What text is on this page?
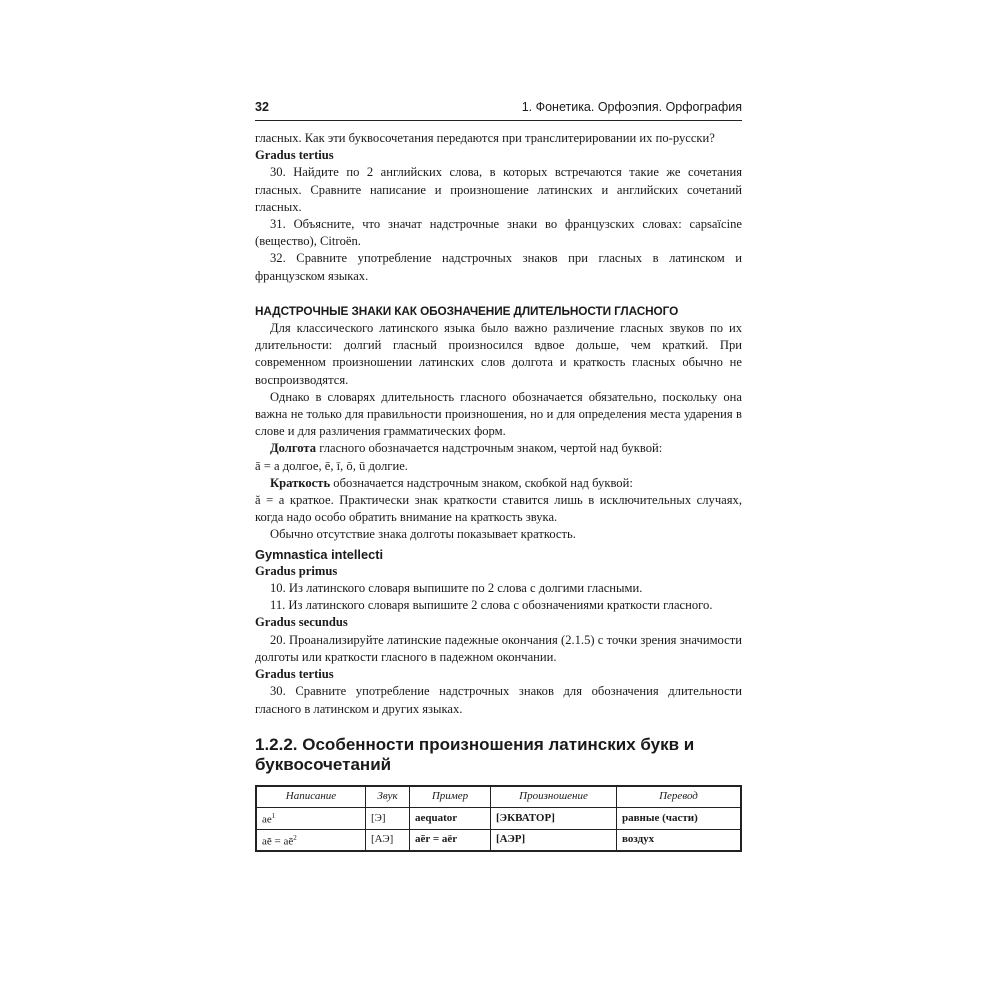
32	1. Фонетика. Орфоэпия. Орфография

гласных. Как эти буквосочетания передаются при транслитерировании их по-русски?

Gradus tertius

30. Найдите по 2 английских слова, в которых встречаются такие же сочетания гласных. Сравните написание и произношение латинских и английских сочетаний гласных.

31. Объясните, что значат надстрочные знаки во французских словах: capsaïcine (вещество), Citroën.

32. Сравните употребление надстрочных знаков при гласных в латинском и французском языках.

НАДСТРОЧНЫЕ ЗНАКИ КАК ОБОЗНАЧЕНИЕ ДЛИТЕЛЬНОСТИ ГЛАСНОГО

Для классического латинского языка было важно различение гласных звуков по их длительности: долгий гласный произносился вдвое дольше, чем краткий. При современном произношении латинских слов долгота и краткость гласных обычно не воспроизводятся.

Однако в словарях длительность гласного обозначается обязательно, поскольку она важна не только для правильности произношения, но и для определения места ударения в слове и для различения грамматических форм.

Долгота гласного обозначается надстрочным знаком, чертой над буквой:
ā = а долгое, ē, ī, ō, ū долгие.

Краткость обозначается надстрочным знаком, скобкой над буквой:
ă = а краткое. Практически знак краткости ставится лишь в исключительных случаях, когда надо особо обратить внимание на краткость звука.

Обычно отсутствие знака долготы показывает краткость.

Gymnastica intellecti
Gradus primus

10. Из латинского словаря выпишите по 2 слова с долгими гласными.

11. Из латинского словаря выпишите 2 слова с обозначениями краткости гласного.

Gradus secundus

20. Проанализируйте латинские падежные окончания (2.1.5) с точки зрения значимости долготы или краткости гласного в падежном окончании.

Gradus tertius

30. Сравните употребление надстрочных знаков для обозначения длительности гласного в латинском и других языках.

1.2.2. Особенности произношения латинских букв и буквосочетаний
Написание	Звук	Пример	Произношение	Перевод
$ae^1$	[Э]	aequator	[ЭКВАТОР]	равные (части)
aē = $aē^2$	[АЭ]	aēr = aër	[АЭР]	воздух
